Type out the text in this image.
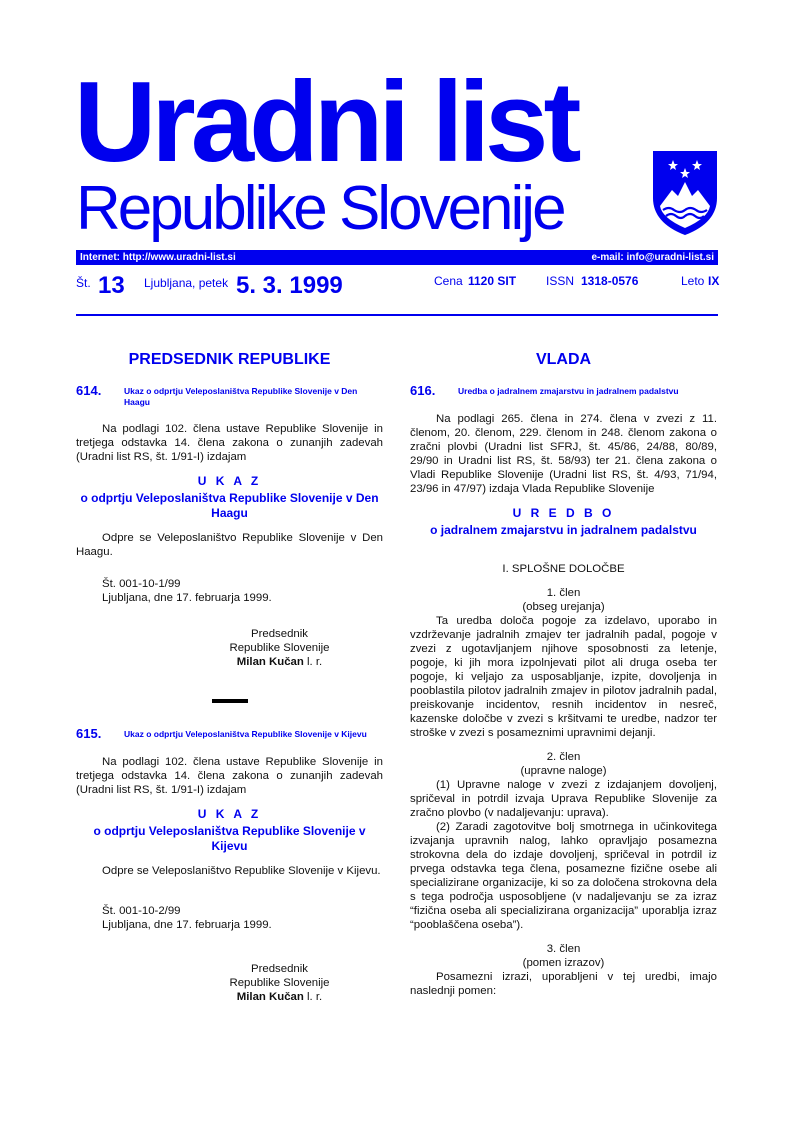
Uradni list
Republike Slovenije
Internet: http://www.uradni-list.si	e-mail: info@uradni-list.si
Št. 13 Ljubljana, petek 5. 3. 1999	Cena 1120 SIT ISSN 1318-0576	Leto IX
PREDSEDNIK REPUBLIKE
614.	Ukaz o odprtju Veleposlaništva Republike Slovenije v Den Haagu

Na podlagi 102. člena ustave Republike Slovenije in tretjega odstavka 14. člena zakona o zunanjih zadevah (Uradni list RS, št. 1/91-I) izdajam

U K A Z
o odprtju Veleposlaništva Republike Slovenije v Den Haagu

Odpre se Veleposlaništvo Republike Slovenije v Den Haagu.

Št. 001-10-1/99
Ljubljana, dne 17. februarja 1999.
Predsednik
Republike Slovenije
Milan Kučan l. r.
615.	Ukaz o odprtju Veleposlaništva Republike Slovenije v Kijevu

Na podlagi 102. člena ustave Republike Slovenije in tretjega odstavka 14. člena zakona o zunanjih zadevah (Uradni list RS, št. 1/91-I) izdajam

U K A Z
o odprtju Veleposlaništva Republike Slovenije v Kijevu

Odpre se Veleposlaništvo Republike Slovenije v Kijevu.

Št. 001-10-2/99
Ljubljana, dne 17. februarja 1999.
Predsednik
Republike Slovenije
Milan Kučan l. r.
VLADA
616.	Uredba o jadralnem zmajarstvu in jadralnem padalstvu

Na podlagi 265. člena in 274. člena v zvezi z 11. členom, 20. členom, 229. členom in 248. členom zakona o zračni plovbi (Uradni list SFRJ, št. 45/86, 24/88, 80/89, 29/90 in Uradni list RS, št. 58/93) ter 21. člena zakona o Vladi Republike Slovenije (Uradni list RS, št. 4/93, 71/94, 23/96 in 47/97) izdaja Vlada Republike Slovenije

U R E D B O
o jadralnem zmajarstvu in jadralnem padalstvu
I. SPLOŠNE DOLOČBE
1. člen
(obseg urejanja)

Ta uredba določa pogoje za izdelavo, uporabo in vzdrževanje jadralnih zmajev ter jadralnih padal, pogoje v zvezi z ugotavljanjem njihove sposobnosti za letenje, pogoje, ki jih mora izpolnjevati pilot ali druga oseba ter pogoje, ki veljajo za usposabljanje, izpite, dovoljenja in pooblastila pilotov jadralnih zmajev in pilotov jadralnih padal, preiskovanje incidentov, resnih incidentov in nesreč, kazenske določbe v zvezi s kršitvami te uredbe, nadzor ter stroške v zvezi s posameznimi upravnimi dejanji.

2. člen
(upravne naloge)

(1) Upravne naloge v zvezi z izdajanjem dovoljenj, spričeval in potrdil izvaja Uprava Republike Slovenije za zračno plovbo (v nadaljevanju: uprava).

(2) Zaradi zagotovitve bolj smotrnega in učinkovitega izvajanja upravnih nalog, lahko opravljajo posamezna strokovna dela do izdaje dovoljenj, spričeval in potrdil iz prvega odstavka tega člena, posamezne fizične osebe ali specializirane organizacije, ki so za določena strokovna dela s tega področja usposobljene (v nadaljevanju se za izraz “fizična oseba ali specializirana organizacija” uporablja izraz “pooblaščena oseba”).

3. člen
(pomen izrazov)

Posamezni izrazi, uporabljeni v tej uredbi, imajo naslednji pomen:
